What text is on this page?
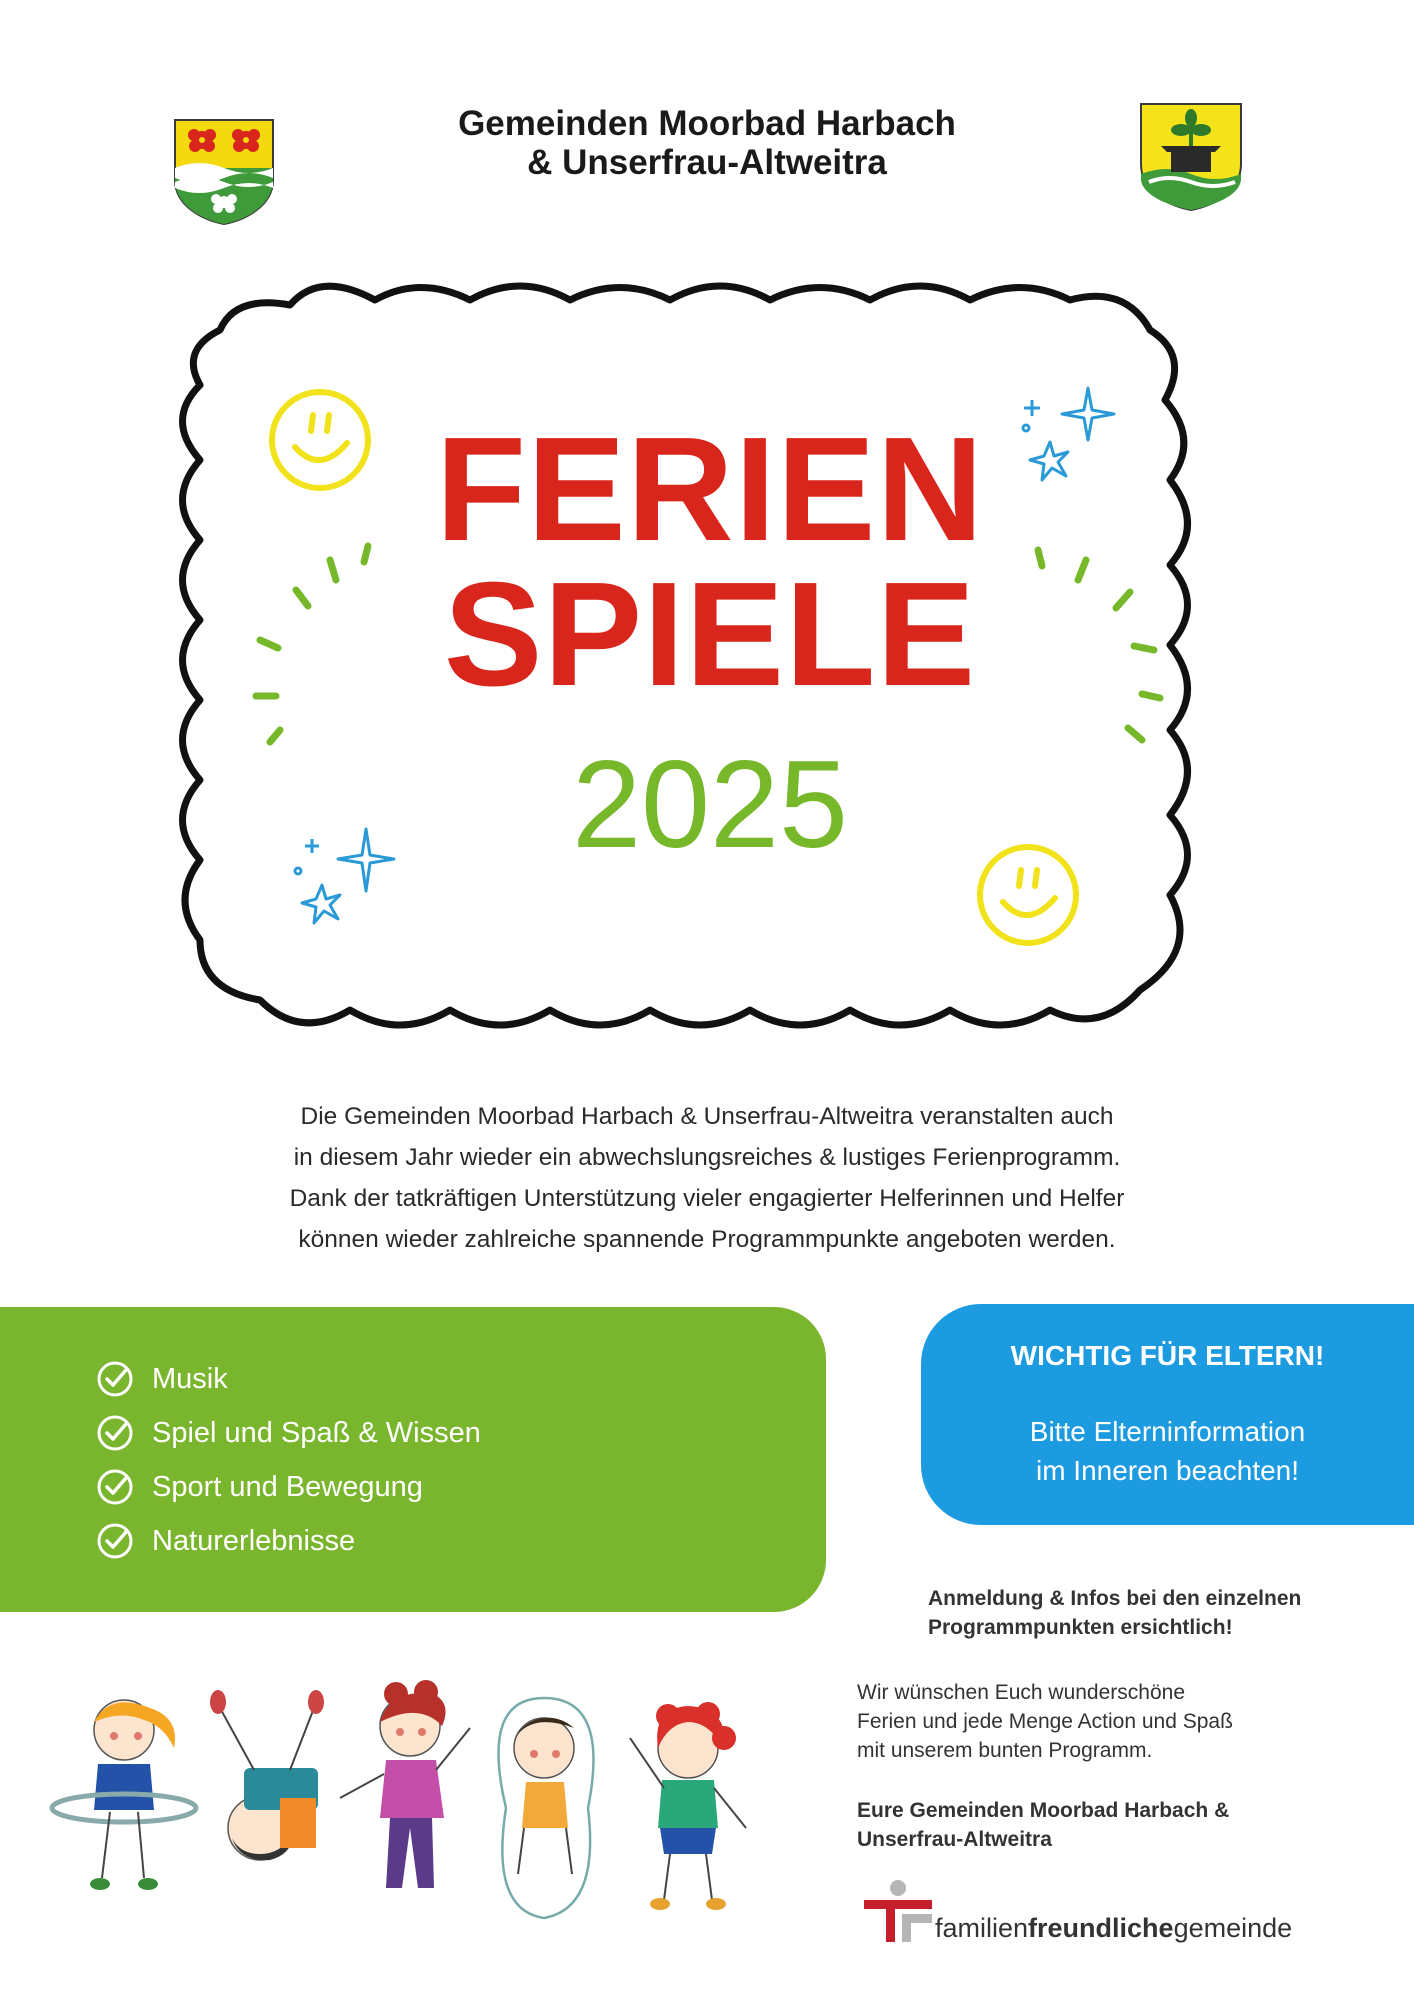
Gemeinden Moorbad Harbach
& Unserfrau-Altweitra
FERIEN
SPIELE
2025
Die Gemeinden Moorbad Harbach & Unserfrau-Altweitra veranstalten auch
in diesem Jahr wieder ein abwechslungsreiches & lustiges Ferienprogramm.
Dank der tatkräftigen Unterstützung vieler engagierter Helferinnen und Helfer
können wieder zahlreiche spannende Programmpunkte angeboten werden.
Musik
Spiel und Spaß & Wissen
Sport und Bewegung
Naturerlebnisse
WICHTIG FÜR ELTERN!
Bitte Elterninformation
im Inneren beachten!
Anmeldung & Infos bei den einzelnen
Programmpunkten ersichtlich!
Wir wünschen Euch wunderschöne
Ferien und jede Menge Action und Spaß
mit unserem bunten Programm.
Eure Gemeinden Moorbad Harbach &
Unserfrau-Altweitra
familienfreundlichegemeinde
